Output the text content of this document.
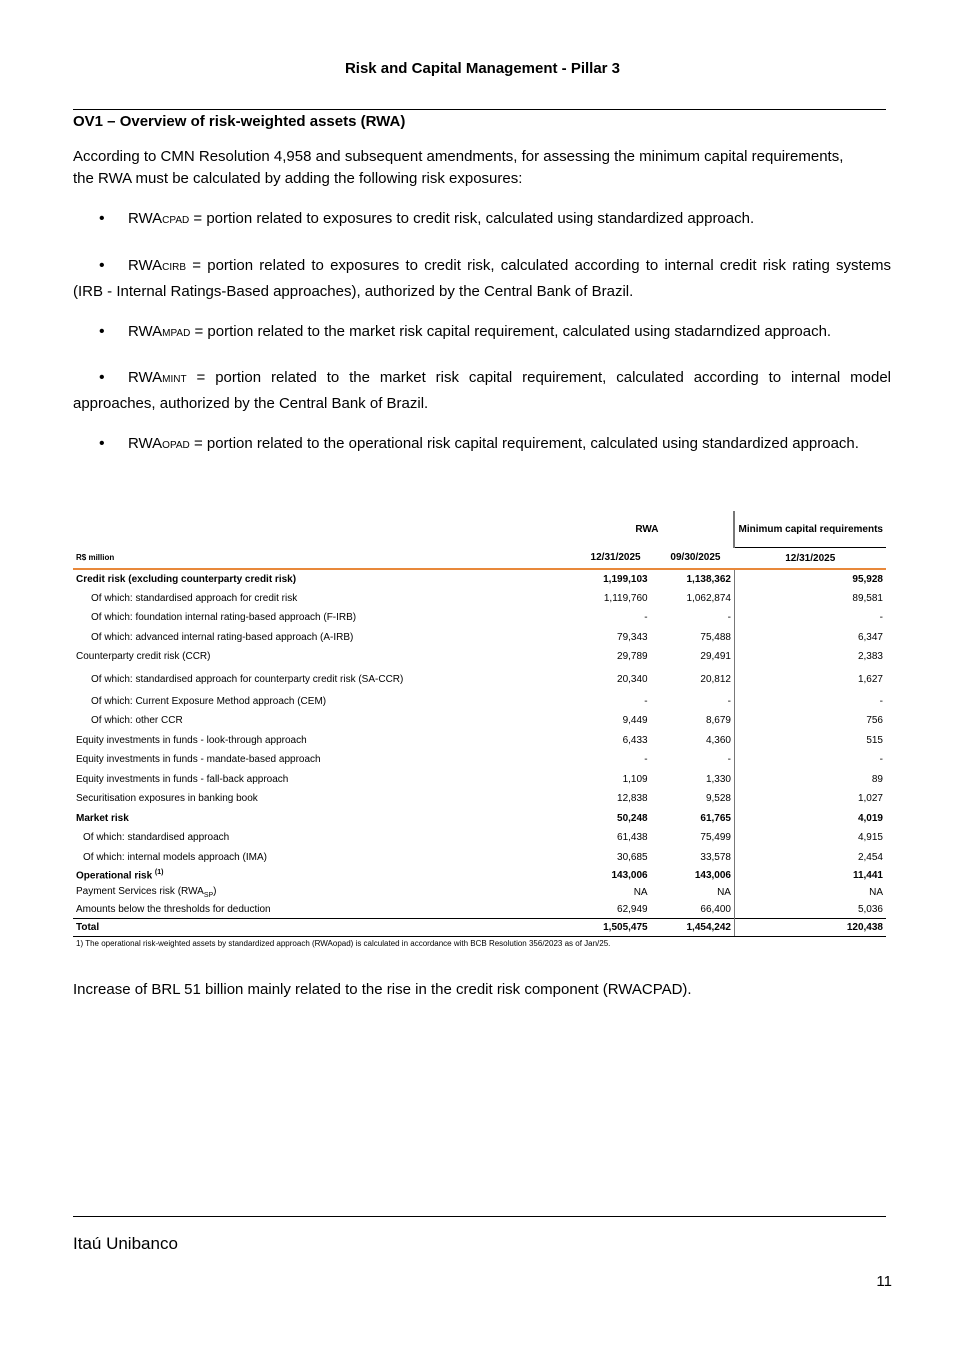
Risk and Capital Management - Pillar 3
OV1 – Overview of risk-weighted assets (RWA)

According to CMN Resolution 4,958 and subsequent amendments, for assessing the minimum capital requirements, the RWA must be calculated by adding the following risk exposures:

• RWACPAD = portion related to exposures to credit risk, calculated using standardized approach.

• RWACIRB = portion related to exposures to credit risk, calculated according to internal credit risk rating systems (IRB - Internal Ratings-Based approaches), authorized by the Central Bank of Brazil.

• RWAMPAD = portion related to the market risk capital requirement, calculated using stadarndized approach.

• RWAMINT = portion related to the market risk capital requirement, calculated according to internal model approaches, authorized by the Central Bank of Brazil.

• RWAOPAD = portion related to the operational risk capital requirement, calculated using standardized approach.

	RWA		Minimum capital requirements
R$ million	12/31/2025	09/30/2025	12/31/2025
Credit risk (excluding counterparty credit risk)	1,199,103	1,138,362	95,928
Of which: standardised approach for credit risk	1,119,760	1,062,874	89,581
Of which: foundation internal rating-based approach (F-IRB)	-	-	-
Of which: advanced internal rating-based approach (A-IRB)	79,343	75,488	6,347
Counterparty credit risk (CCR)	29,789	29,491	2,383
Of which: standardised approach for counterparty credit risk (SA-CCR)	20,340	20,812	1,627
Of which: Current Exposure Method approach (CEM)	-	-	-
Of which: other CCR	9,449	8,679	756
Equity investments in funds - look-through approach	6,433	4,360	515
Equity investments in funds - mandate-based approach	-	-	-
Equity investments in funds - fall-back approach	1,109	1,330	89
Securitisation exposures in banking book	12,838	9,528	1,027
Market risk	50,248	61,765	4,019
Of which: standardised approach	61,438	75,499	4,915
Of which: internal models approach (IMA)	30,685	33,578	2,454
Operational risk $^{(1)}$	143,006	143,006	11,441
Payment Services risk $(RWA_{SP})$	NA	NA	NA
Amounts below the thresholds for deduction	62,949	66,400	5,036
Total	1,505,475	1,454,242	120,438
1) The operational risk-weighted assets by standardized approach (RWAopad) is calculated in accordance with BCB Resolution 356/2023 as of Jan/25.
Increase of BRL 51 billion mainly related to the rise in the credit risk component (RWACPAD).
Itaú Unibanco
11
